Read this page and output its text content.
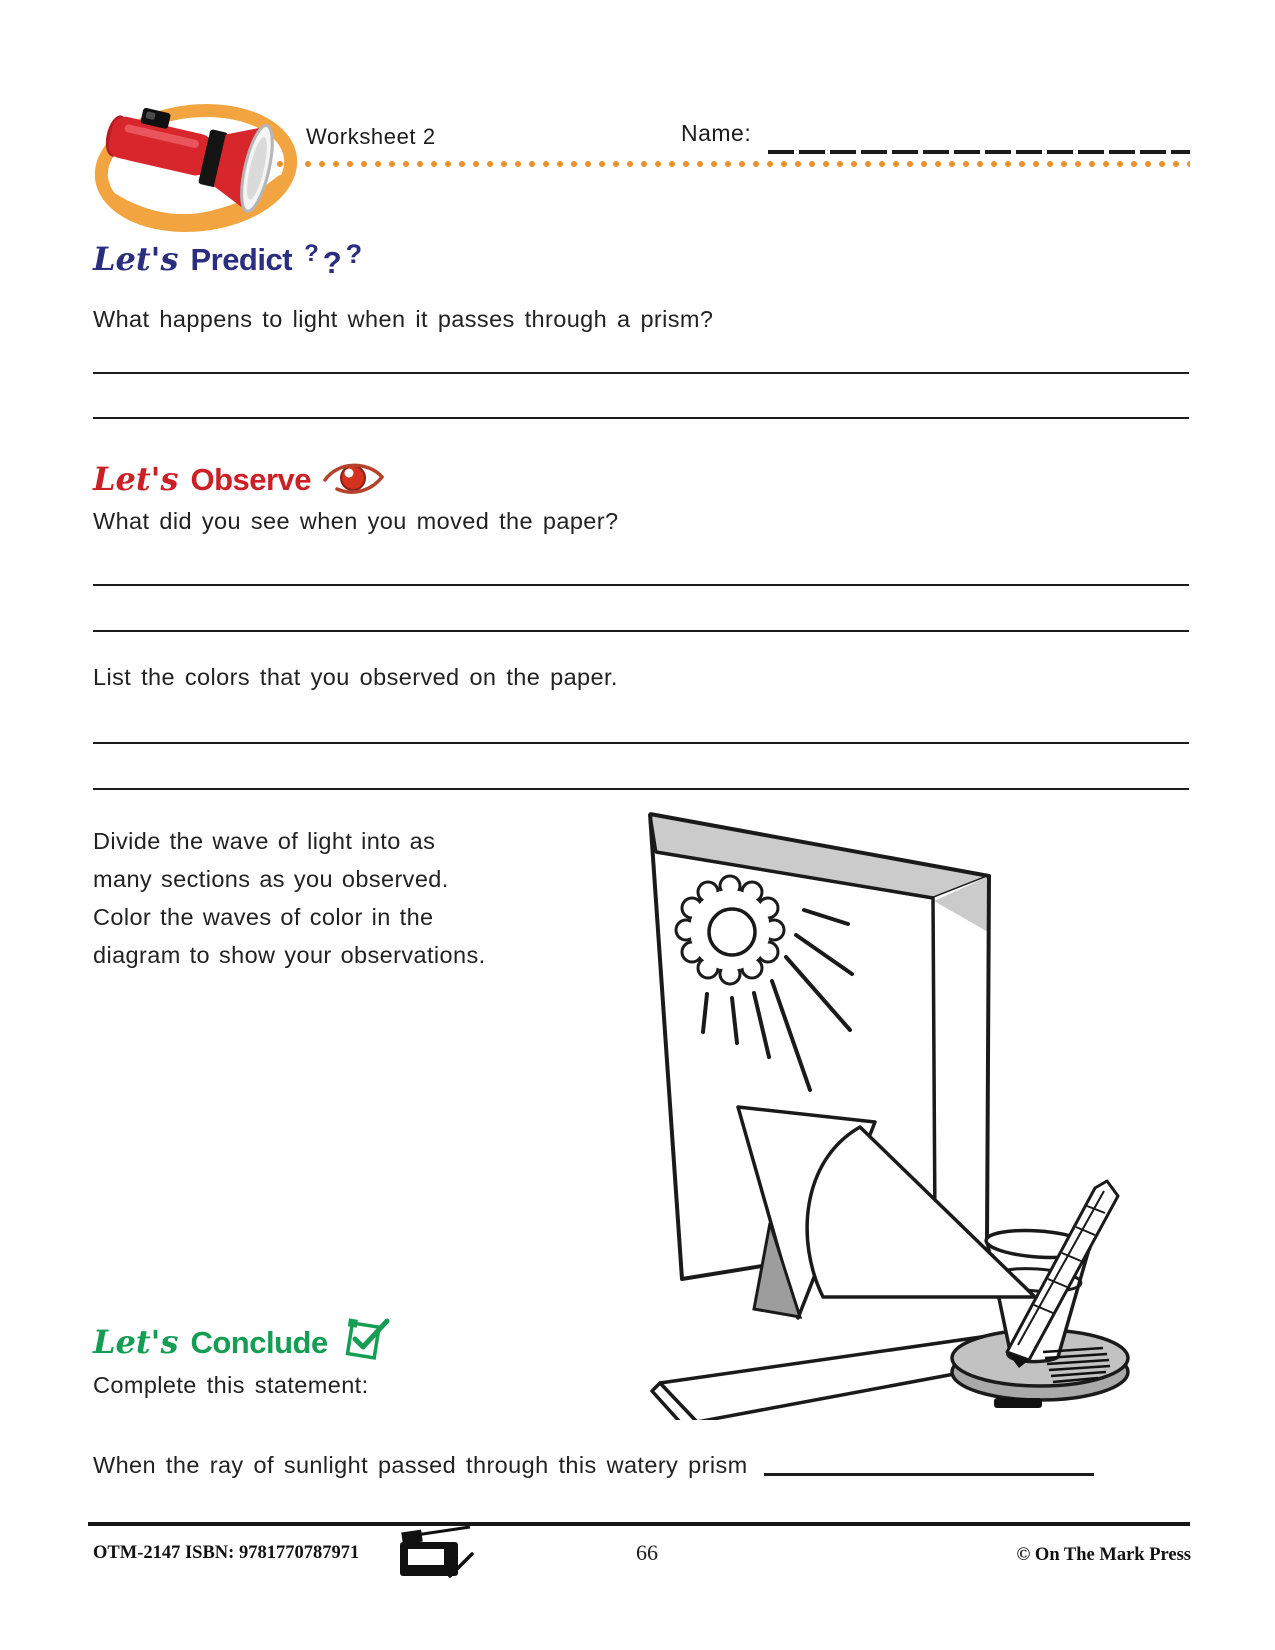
Worksheet 2	Name:
Let's Predict ? ? ?
What happens to light when it passes through a prism?
Let's Observe
What did you see when you moved the paper?
List the colors that you observed on the paper.
Divide the wave of light into as
many sections as you observed.
Color the waves of color in the
diagram to show your observations.
Let's Conclude
Complete this statement:
When the ray of sunlight passed through this watery prism
OTM-2147 ISBN: 9781770787971	66	© On The Mark Press
